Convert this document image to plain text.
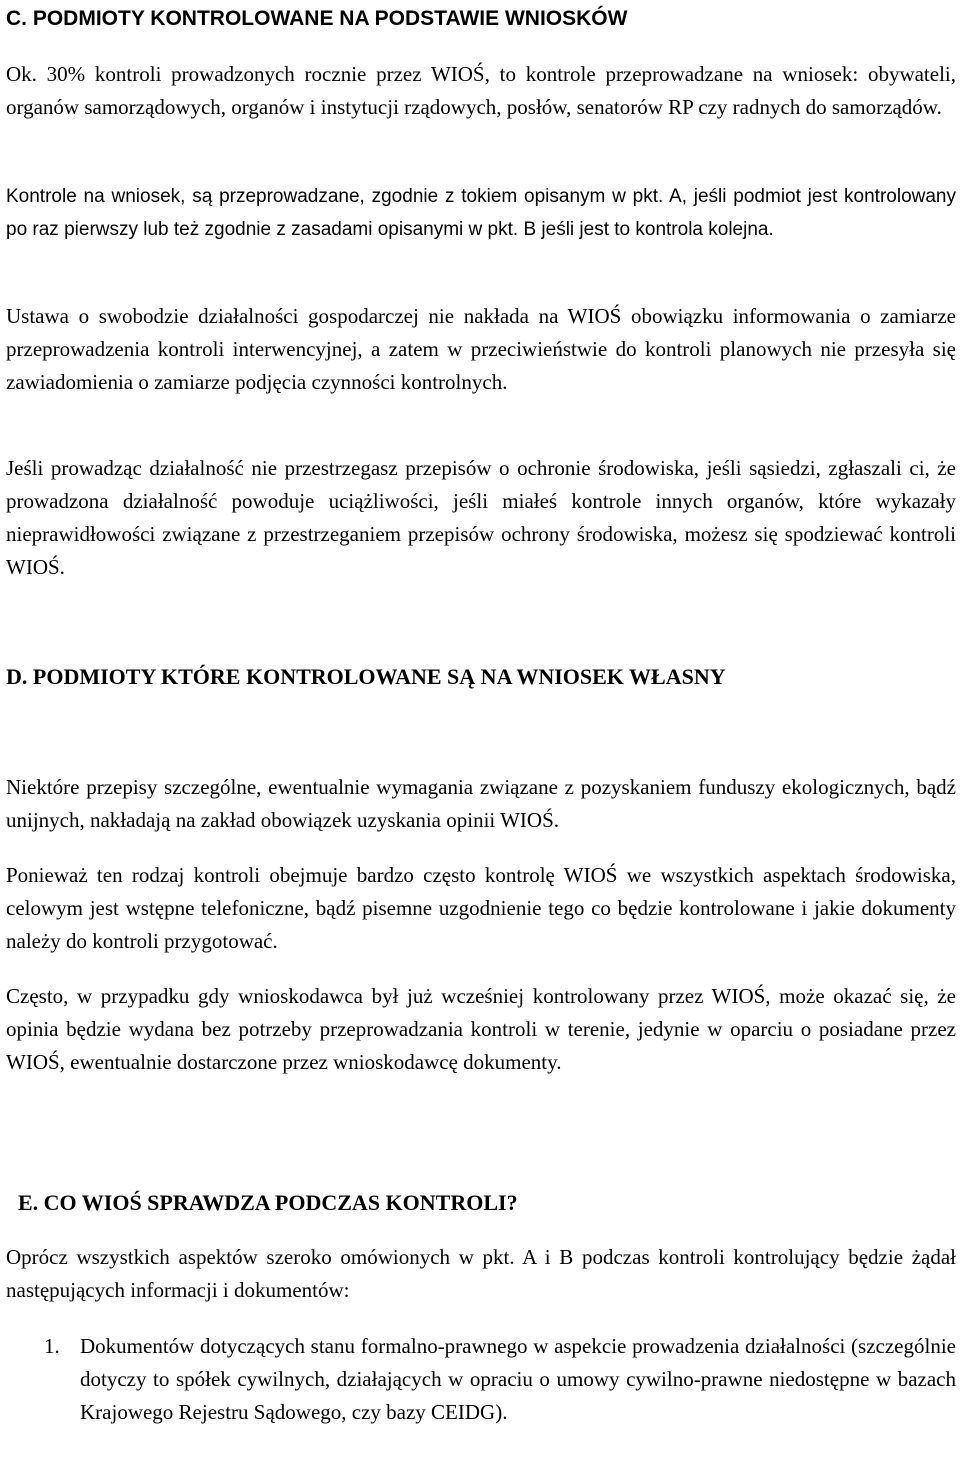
C. PODMIOTY KONTROLOWANE NA PODSTAWIE WNIOSKÓW
Ok. 30% kontroli prowadzonych rocznie przez WIOŚ, to kontrole przeprowadzane na wniosek: obywateli, organów samorządowych, organów i instytucji rządowych, posłów, senatorów RP czy radnych do samorządów.
Kontrole na wniosek, są przeprowadzane, zgodnie z tokiem opisanym w pkt. A, jeśli podmiot jest kontrolowany po raz pierwszy lub też zgodnie z zasadami opisanymi w pkt. B jeśli jest to kontrola kolejna.
Ustawa o swobodzie działalności gospodarczej nie nakłada na WIOŚ obowiązku informowania o zamiarze przeprowadzenia kontroli interwencyjnej, a zatem w przeciwieństwie do kontroli planowych nie przesyła się zawiadomienia o zamiarze podjęcia czynności kontrolnych.
Jeśli prowadząc działalność nie przestrzegasz przepisów o ochronie środowiska, jeśli sąsiedzi, zgłaszali ci, że prowadzona działalność powoduje uciążliwości, jeśli miałeś kontrole innych organów, które wykazały nieprawidłowości związane z przestrzeganiem przepisów ochrony środowiska, możesz się spodziewać kontroli WIOŚ.
D. PODMIOTY KTÓRE KONTROLOWANE SĄ NA WNIOSEK WŁASNY
Niektóre przepisy szczególne, ewentualnie wymagania związane z pozyskaniem funduszy ekologicznych, bądź unijnych, nakładają na zakład obowiązek uzyskania opinii WIOŚ.
Ponieważ ten rodzaj kontroli obejmuje bardzo często kontrolę WIOŚ we wszystkich aspektach środowiska, celowym jest wstępne telefoniczne, bądź pisemne uzgodnienie tego co będzie kontrolowane i jakie dokumenty należy do kontroli przygotować.
Często, w przypadku gdy wnioskodawca był już wcześniej kontrolowany przez WIOŚ, może okazać się, że opinia będzie wydana bez potrzeby przeprowadzania kontroli w terenie, jedynie w oparciu o posiadane przez WIOŚ, ewentualnie dostarczone przez wnioskodawcę dokumenty.
E. CO WIOŚ SPRAWDZA PODCZAS KONTROLI?
Oprócz wszystkich aspektów szeroko omówionych w pkt. A i B podczas kontroli kontrolujący będzie żądał następujących informacji i dokumentów:
1. Dokumentów dotyczących stanu formalno-prawnego w aspekcie prowadzenia działalności (szczególnie dotyczy to spółek cywilnych, działających w opraciu o umowy cywilno-prawne niedostępne w bazach Krajowego Rejestru Sądowego, czy bazy CEIDG).
